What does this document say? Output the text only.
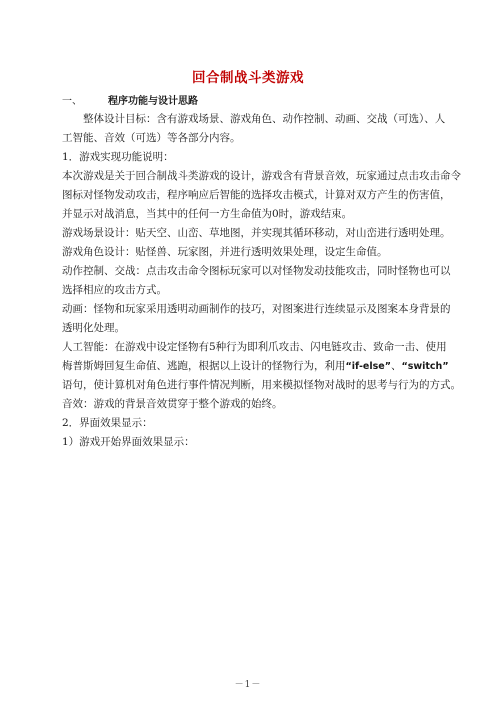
回合制战斗类游戏
一、	程序功能与设计思路
整体设计目标：含有游戏场景、游戏角色、动作控制、动画、交战（可选）、人
工智能、音效（可选）等各部分内容。
1．游戏实现功能说明：
本次游戏是关于回合制战斗类游戏的设计，游戏含有背景音效，玩家通过点击攻击命令
图标对怪物发动攻击，程序响应后智能的选择攻击模式，计算对双方产生的伤害值，
并显示对战消息，当其中的任何一方生命值为0时，游戏结束。
游戏场景设计：贴天空、山峦、草地图，并实现其循环移动，对山峦进行透明处理。
游戏角色设计：贴怪兽、玩家图，并进行透明效果处理，设定生命值。
动作控制、交战：点击攻击命令图标玩家可以对怪物发动技能攻击，同时怪物也可以
选择相应的攻击方式。
动画：怪物和玩家采用透明动画制作的技巧，对图案进行连续显示及图案本身背景的
透明化处理。
人工智能：在游戏中设定怪物有5种行为即利爪攻击、闪电链攻击、致命一击、使用
梅普斯姆回复生命值、逃跑，根据以上设计的怪物行为，利用“if-else”、“switch”
语句，使计算机对角色进行事件情况判断，用来模拟怪物对战时的思考与行为的方式。
音效：游戏的背景音效贯穿于整个游戏的始终。
2．界面效果显示：
1）游戏开始界面效果显示：
－1－
